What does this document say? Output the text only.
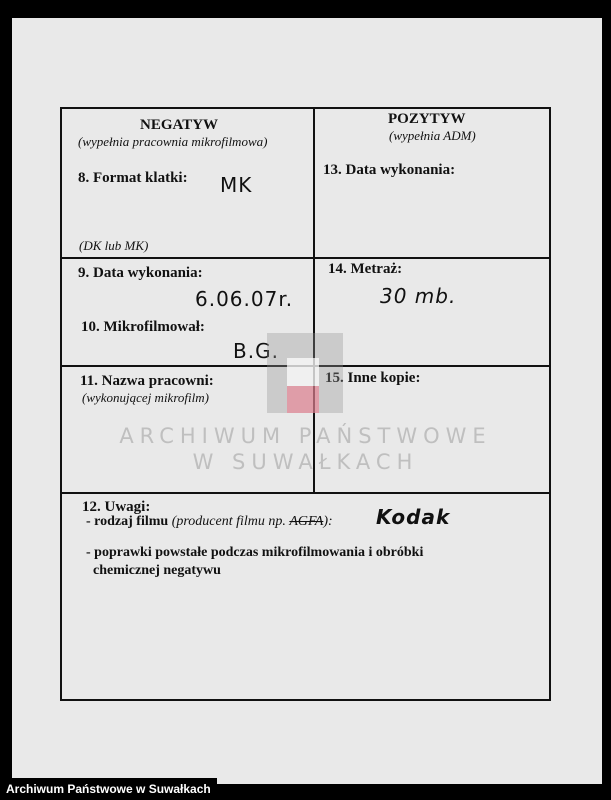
NEGATYW
(wypełnia pracownia mikrofilmowa)
POZYTYW
(wypełnia ADM)
8. Format klatki: MK
(DK lub MK)
13. Data wykonania:
9. Data wykonania:
6.06.07r.
10. Mikrofilmował:
B.G.
14. Metraż:
30 mb.
11. Nazwa pracowni:
(wykonującej mikrofilm)
15. Inne kopie:
ARCHIWUM PAŃSTWOWE
W SUWAŁKACH
12. Uwagi:
- rodzaj filmu (producent filmu np. AGFA): Kodak
- poprawki powstałe podczas mikrofilmowania i obróbki
chemicznej negatywu
Archiwum Państwowe w Suwałkach
